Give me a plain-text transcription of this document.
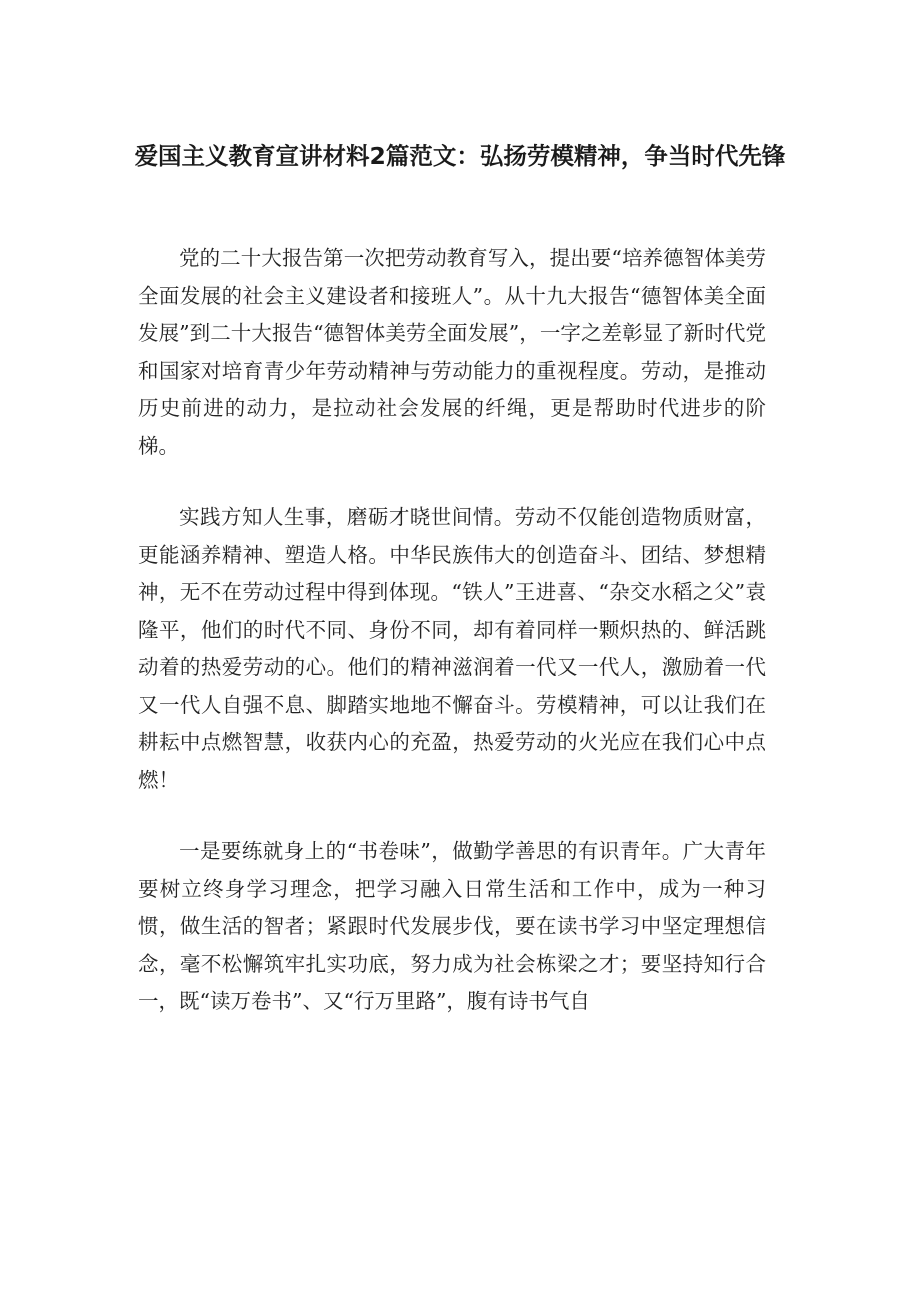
爱国主义教育宣讲材料2篇范文：弘扬劳模精神，争当时代先锋

党的二十大报告第一次把劳动教育写入，提出要“培养德智体美劳全面发展的社会主义建设者和接班人”。从十九大报告“德智体美全面发展”到二十大报告“德智体美劳全面发展”，一字之差彰显了新时代党和国家对培育青少年劳动精神与劳动能力的重视程度。劳动，是推动历史前进的动力，是拉动社会发展的纤绳，更是帮助时代进步的阶梯。

实践方知人生事，磨砺才晓世间情。劳动不仅能创造物质财富，更能涵养精神、塑造人格。中华民族伟大的创造奋斗、团结、梦想精神，无不在劳动过程中得到体现。“铁人”王进喜、“杂交水稻之父”袁隆平，他们的时代不同、身份不同，却有着同样一颗炽热的、鲜活跳动着的热爱劳动的心。他们的精神滋润着一代又一代人，激励着一代又一代人自强不息、脚踏实地地不懈奋斗。劳模精神，可以让我们在耕耘中点燃智慧，收获内心的充盈，热爱劳动的火光应在我们心中点燃！

一是要练就身上的“书卷味”，做勤学善思的有识青年。广大青年要树立终身学习理念，把学习融入日常生活和工作中，成为一种习惯，做生活的智者；紧跟时代发展步伐，要在读书学习中坚定理想信念，毫不松懈筑牢扎实功底，努力成为社会栋梁之才；要坚持知行合一，既“读万卷书”、又“行万里路”，腹有诗书气自
